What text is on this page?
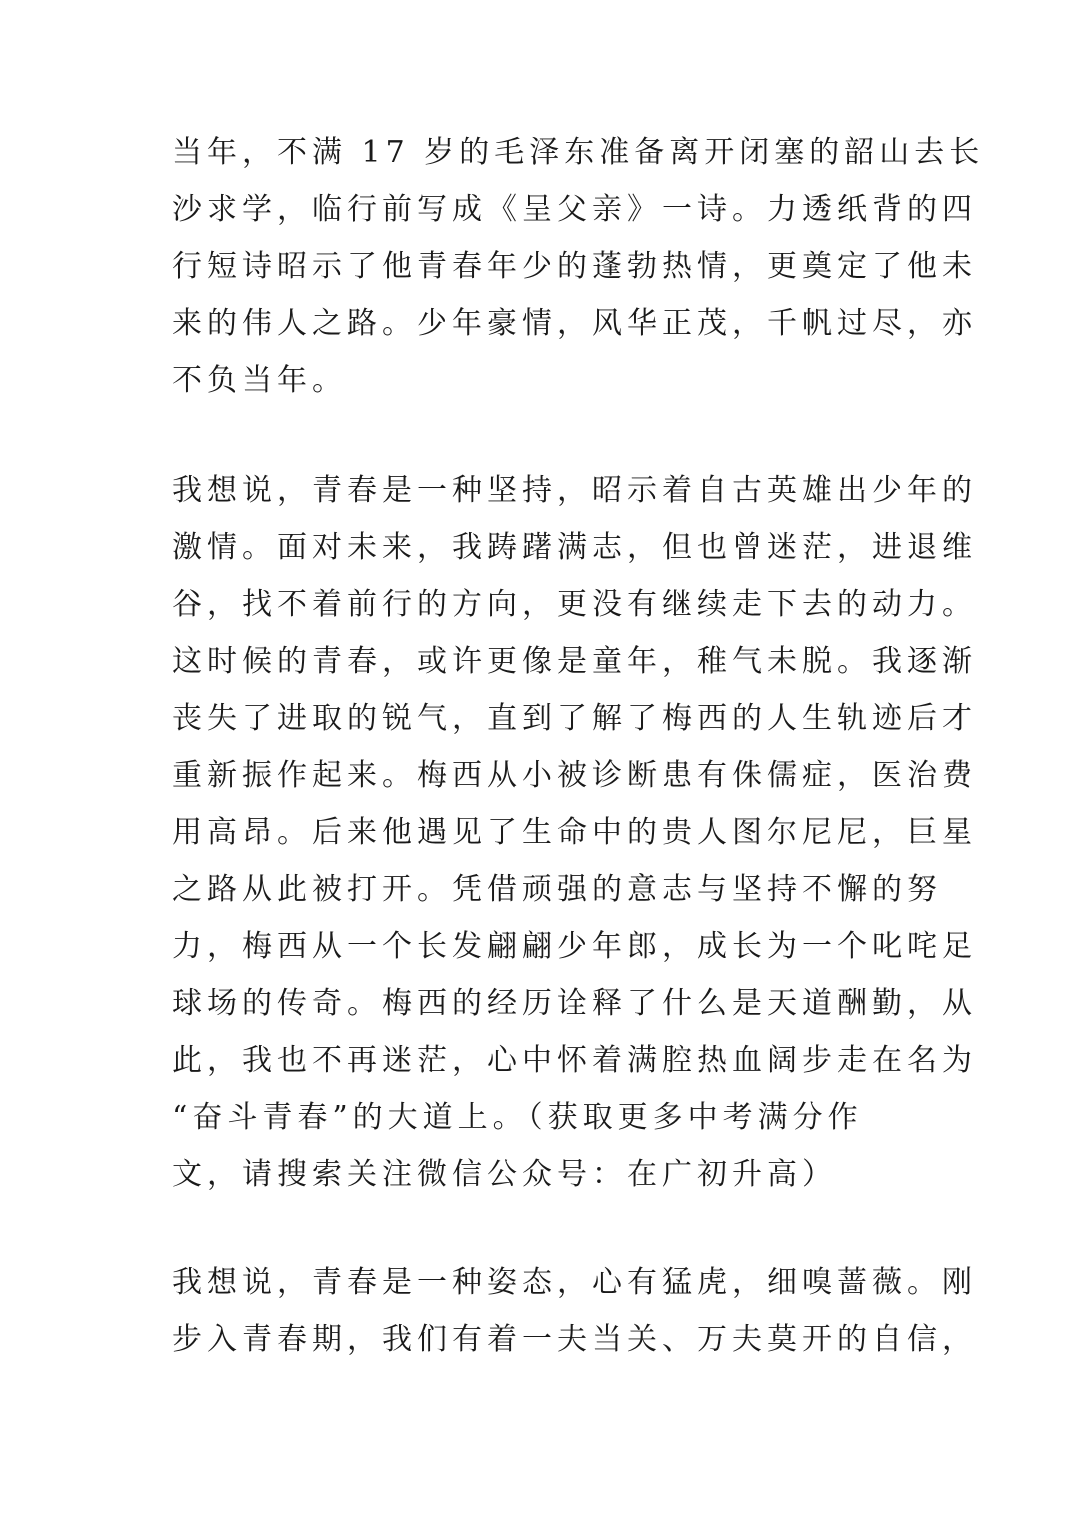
当年，不满 17 岁的毛泽东准备离开闭塞的韶山去长
沙求学，临行前写成《呈父亲》一诗。力透纸背的四
行短诗昭示了他青春年少的蓬勃热情，更奠定了他未
来的伟人之路。少年豪情，风华正茂，千帆过尽，亦
不负当年。
我想说，青春是一种坚持，昭示着自古英雄出少年的
激情。面对未来，我踌躇满志，但也曾迷茫，进退维
谷，找不着前行的方向，更没有继续走下去的动力。
这时候的青春，或许更像是童年，稚气未脱。我逐渐
丧失了进取的锐气，直到了解了梅西的人生轨迹后才
重新振作起来。梅西从小被诊断患有侏儒症，医治费
用高昂。后来他遇见了生命中的贵人图尔尼尼，巨星
之路从此被打开。凭借顽强的意志与坚持不懈的努
力，梅西从一个长发翩翩少年郎，成长为一个叱咤足
球场的传奇。梅西的经历诠释了什么是天道酬勤，从
此，我也不再迷茫，心中怀着满腔热血阔步走在名为
“奋斗青春”的大道上。（获取更多中考满分作
文，请搜索关注微信公众号：在广初升高）
我想说，青春是一种姿态，心有猛虎，细嗅蔷薇。刚
步入青春期，我们有着一夫当关、万夫莫开的自信，
